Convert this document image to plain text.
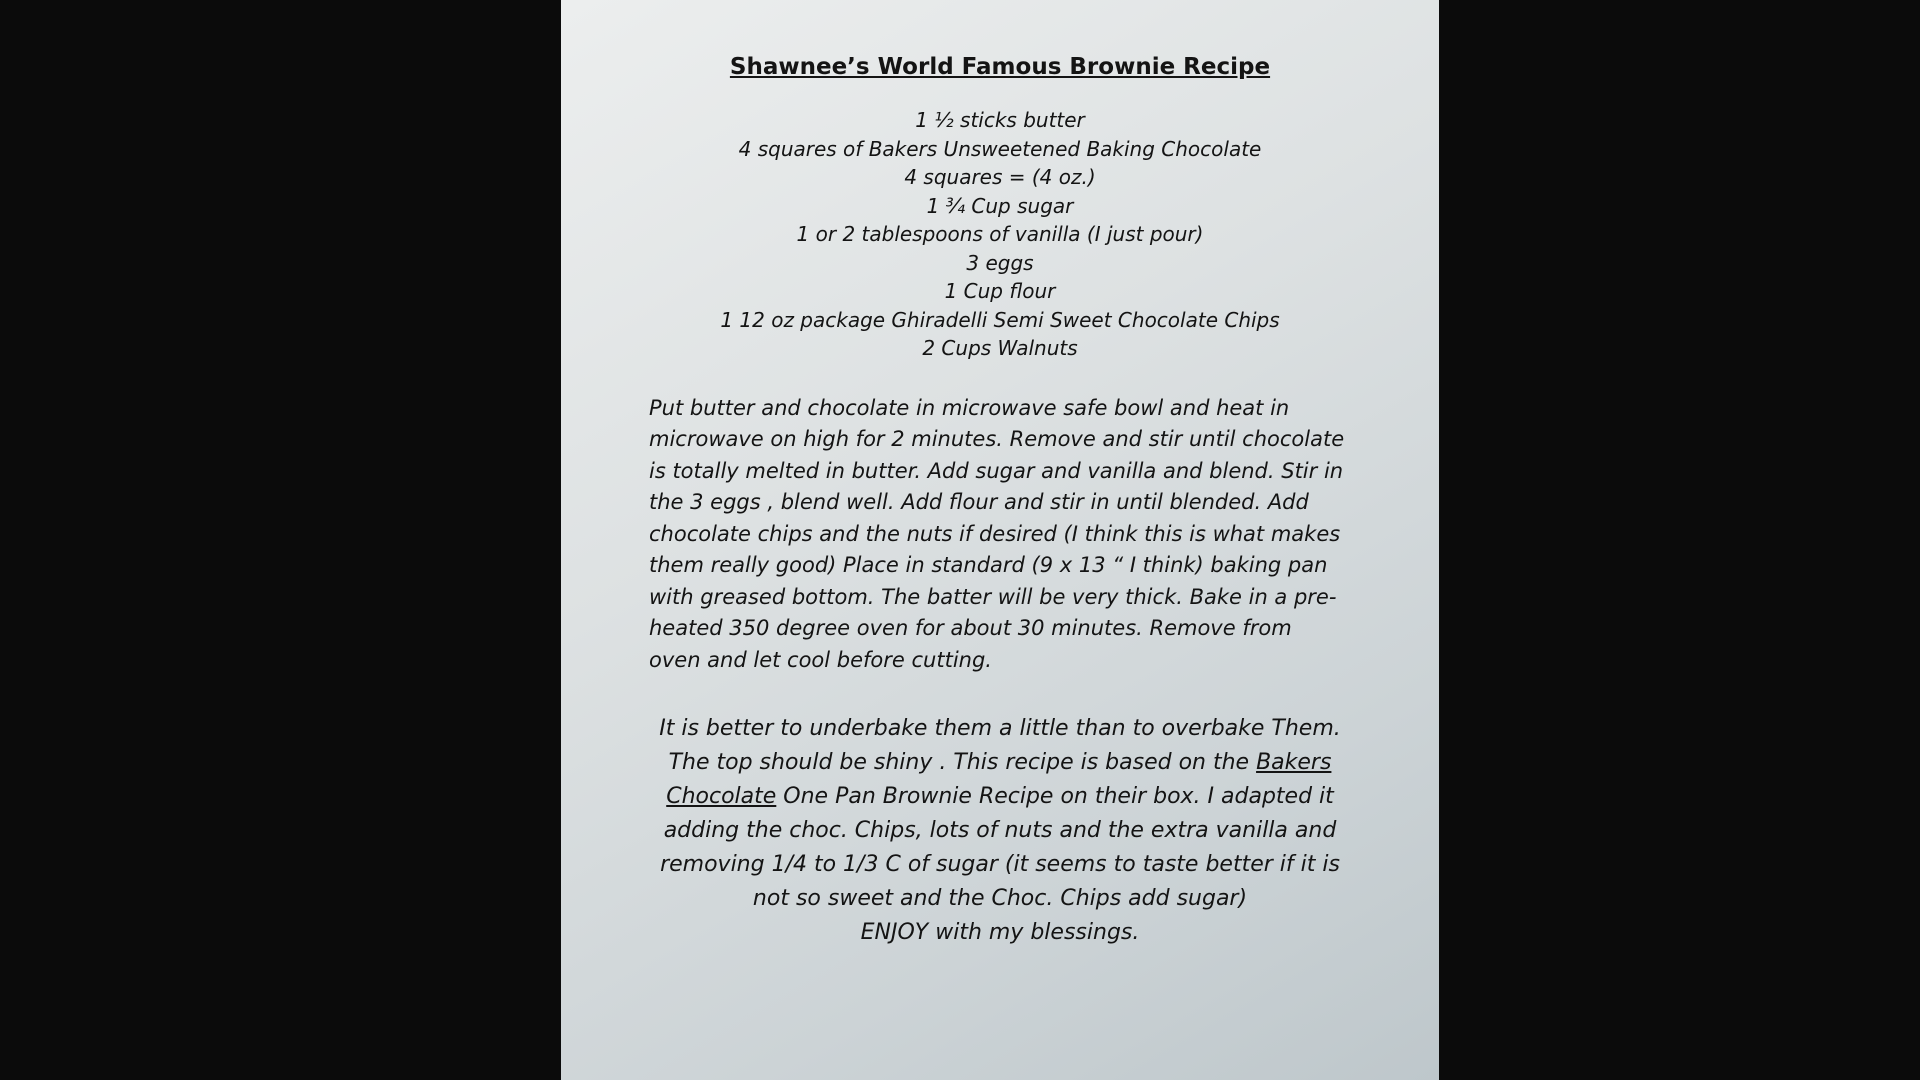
Shawnee’s World Famous Brownie Recipe
1 ½ sticks butter
4 squares of Bakers Unsweetened Baking Chocolate
4 squares = (4 oz.)
1 ¾ Cup sugar
1 or 2 tablespoons of vanilla (I just pour)
3 eggs
1 Cup flour
1 12 oz package Ghiradelli Semi Sweet Chocolate Chips
2 Cups Walnuts

Put butter and chocolate in microwave safe bowl and heat in microwave on high for 2 minutes. Remove and stir until chocolate is totally melted in butter. Add sugar and vanilla and blend. Stir in the 3 eggs , blend well. Add flour and stir in until blended. Add chocolate chips and the nuts if desired (I think this is what makes them really good) Place in standard (9 x 13 “ I think) baking pan with greased bottom. The batter will be very thick. Bake in a pre-heated 350 degree oven for about 30 minutes. Remove from oven and let cool before cutting.

It is better to underbake them a little than to overbake Them. The top should be shiny . This recipe is based on the Bakers Chocolate One Pan Brownie Recipe on their box. I adapted it adding the choc. Chips, lots of nuts and the extra vanilla and removing 1/4 to 1/3 C of sugar (it seems to taste better if it is not so sweet and the Choc. Chips add sugar)

ENJOY with my blessings.
